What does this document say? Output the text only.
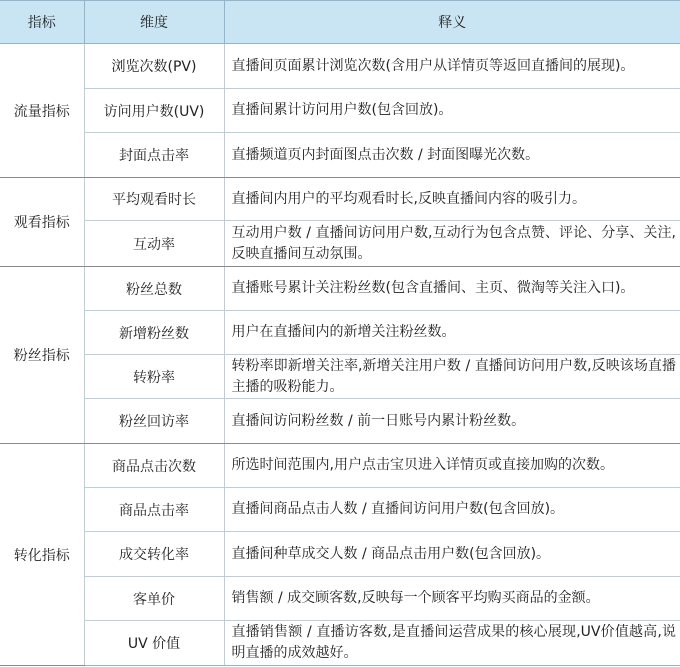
指标	维度	释义
流量指标	浏览次数(PV)	直播间页面累计浏览次数(含用户从详情页等返回直播间的展现)。
	访问用户数(UV)	直播间累计访问用户数(包含回放)。
	封面点击率	直播频道页内封面图点击次数 / 封面图曝光次数。
观看指标	平均观看时长	直播间内用户的平均观看时长,反映直播间内容的吸引力。
	互动率	互动用户数 / 直播间访问用户数,互动行为包含点赞、评论、分享、关注,反映直播间互动氛围。
粉丝指标	粉丝总数	直播账号累计关注粉丝数(包含直播间、主页、微淘等关注入口)。
	新增粉丝数	用户在直播间内的新增关注粉丝数。
	转粉率	转粉率即新增关注率,新增关注用户数 / 直播间访问用户数,反映该场直播主播的吸粉能力。
	粉丝回访率	直播间访问粉丝数 / 前一日账号内累计粉丝数。
转化指标	商品点击次数	所选时间范围内,用户点击宝贝进入详情页或直接加购的次数。
	商品点击率	直播间商品点击人数 / 直播间访问用户数(包含回放)。
	成交转化率	直播间种草成交人数 / 商品点击用户数(包含回放)。
	客单价	销售额 / 成交顾客数,反映每一个顾客平均购买商品的金额。
	UV 价值	直播销售额 / 直播访客数,是直播间运营成果的核心展现,UV价值越高,说明直播的成效越好。
